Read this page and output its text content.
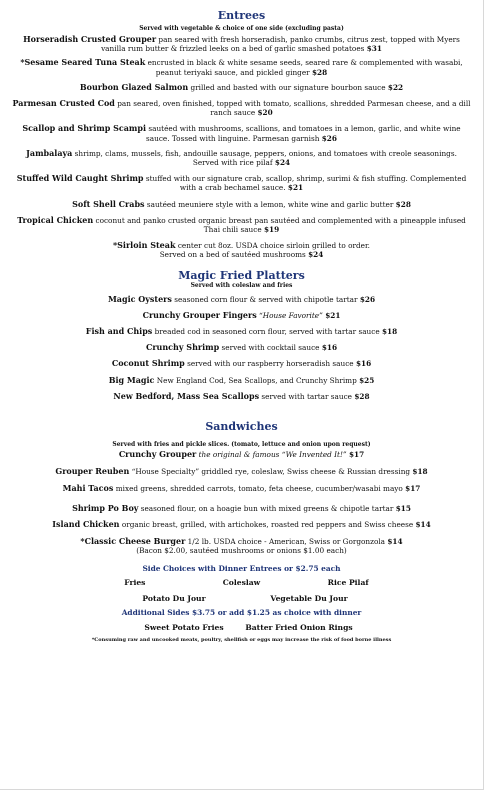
Entrees
Served with vegetable & choice of one side (excluding pasta)
Horseradish Crusted Grouper pan seared with fresh horseradish, panko crumbs, citrus zest, topped with Myers vanilla rum butter & frizzled leeks on a bed of garlic smashed potatoes $31
*Sesame Seared Tuna Steak encrusted in black & white sesame seeds, seared rare & complemented with wasabi, peanut teriyaki sauce, and pickled ginger $28
Bourbon Glazed Salmon grilled and basted with our signature bourbon sauce $22
Parmesan Crusted Cod pan seared, oven finished, topped with tomato, scallions, shredded Parmesan cheese, and a dill ranch sauce $20
Scallop and Shrimp Scampi sautéed with mushrooms, scallions, and tomatoes in a lemon, garlic, and white wine sauce. Tossed with linguine. Parmesan garnish $26
Jambalaya shrimp, clams, mussels, fish, andouille sausage, peppers, onions, and tomatoes with creole seasonings. Served with rice pilaf $24
Stuffed Wild Caught Shrimp stuffed with our signature crab, scallop, shrimp, surimi & fish stuffing. Complemented with a crab bechamel sauce. $21
Soft Shell Crabs sautéed meuniere style with a lemon, white wine and garlic butter $28
Tropical Chicken coconut and panko crusted organic breast pan sautéed and complemented with a pineapple infused Thai chili sauce $19
*Sirloin Steak center cut 8oz. USDA choice sirloin grilled to order. Served on a bed of sautéed mushrooms $24
Magic Fried Platters
Served with coleslaw and fries
Magic Oysters seasoned corn flour & served with chipotle tartar $26
Crunchy Grouper Fingers “House Favorite” $21
Fish and Chips breaded cod in seasoned corn flour, served with tartar sauce $18
Crunchy Shrimp served with cocktail sauce $16
Coconut Shrimp served with our raspberry horseradish sauce $16
Big Magic New England Cod, Sea Scallops, and Crunchy Shrimp $25
New Bedford, Mass Sea Scallops served with tartar sauce $28
Sandwiches
Served with fries and pickle slices. (tomato, lettuce and onion upon request)
Crunchy Grouper the original & famous “We Invented It!” $17
Grouper Reuben “House Specialty” griddled rye, coleslaw, Swiss cheese & Russian dressing $18
Mahi Tacos mixed greens, shredded carrots, tomato, feta cheese, cucumber/wasabi mayo $17
Shrimp Po Boy seasoned flour, on a hoagie bun with mixed greens & chipotle tartar $15
Island Chicken organic breast, grilled, with artichokes, roasted red peppers and Swiss cheese $14
*Classic Cheese Burger 1/2 lb. USDA choice - American, Swiss or Gorgonzola $14
(Bacon $2.00, sautéed mushrooms or onions $1.00 each)
Side Choices with Dinner Entrees or $2.75 each
Fries	Coleslaw	Rice Pilaf
Potato Du Jour	Vegetable Du Jour
Additional Sides $3.75 or add $1.25 as choice with dinner
Sweet Potato Fries	Batter Fried Onion Rings
*Consuming raw and uncooked meats, poultry, shellfish or eggs may increase the risk of food borne illness
